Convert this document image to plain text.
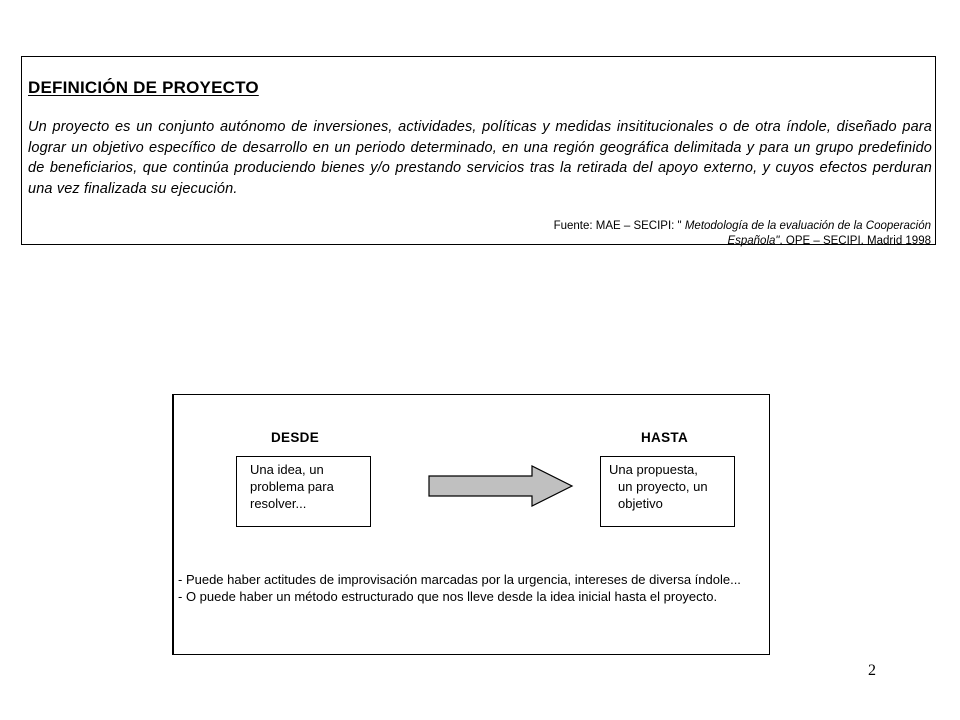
DEFINICIÓN DE PROYECTO
Un proyecto es un conjunto autónomo de inversiones, actividades, políticas y medidas insititucionales o de otra índole, diseñado para lograr un objetivo específico de desarrollo en un periodo determinado, en una región geográfica delimitada y para un grupo predefinido de beneficiarios, que continúa produciendo bienes y/o prestando servicios tras la retirada del apoyo externo, y cuyos efectos perduran una vez finalizada su ejecución.
Fuente: MAE – SECIPI: " Metodología de la evaluación de la Cooperación Española". OPE – SECIPI. Madrid 1998
DESDE	HASTA
Una idea, un
problema para
resolver...
Una propuesta,
un proyecto, un
objetivo

- Puede haber actitudes de improvisación marcadas por la urgencia, intereses de diversa índole...

- O puede haber un método estructurado que nos lleve desde la idea inicial hasta el proyecto.

2
